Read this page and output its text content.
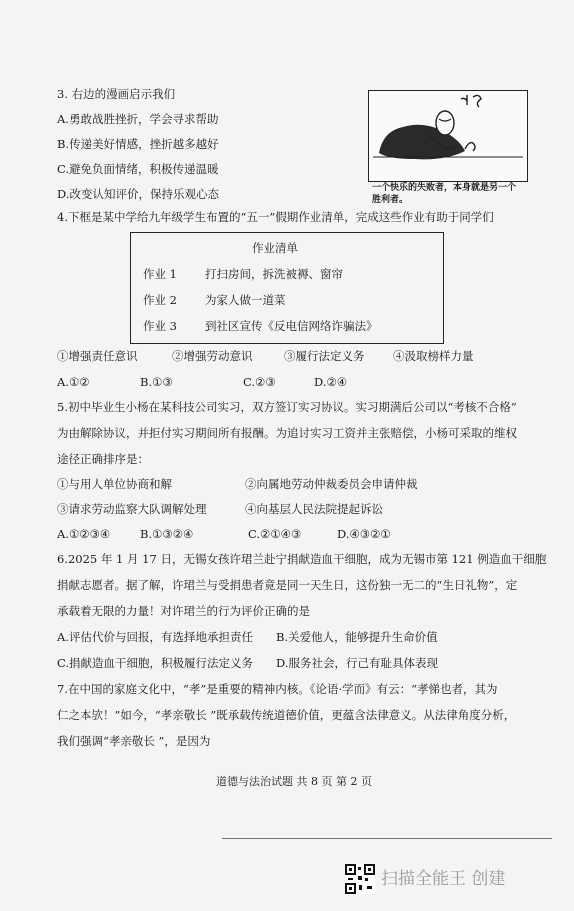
3. 右边的漫画启示我们
A.勇敢战胜挫折，学会寻求帮助
B.传递美好情感，挫折越多越好
C.避免负面情绪，积极传递温暖
D.改变认知评价，保持乐观心态	一个快乐的失败者，本身就是另一个胜利者。
4.下框是某中学给九年级学生布置的“五一”假期作业清单，完成这些作业有助于同学们
作业清单
作业 1 打扫房间，拆洗被褥、窗帘
作业 2 为家人做一道菜
作业 3 到社区宣传《反电信网络诈骗法》
①增强责任意识	②增强劳动意识	③履行法定义务 ④汲取榜样力量
A.①②	B.①③	C.②③	D.②④
5.初中毕业生小杨在某科技公司实习，双方签订实习协议。实习期满后公司以“考核不合格”
为由解除协议，并拒付实习期间所有报酬。为追讨实习工资并主张赔偿，小杨可采取的维权
途径正确排序是：
①与用人单位协商和解	②向属地劳动仲裁委员会申请仲裁
③请求劳动监察大队调解处理	④向基层人民法院提起诉讼
A.①②③④	B.①③②④	C.②①④③	D.④③②①
6.2025 年 1 月 17 日，无锡女孩许珺兰赴宁捐献造血干细胞，成为无锡市第 121 例造血干细胞
捐献志愿者。据了解，许珺兰与受捐患者竟是同一天生日，这份独一无二的“生日礼物”，定
承载着无限的力量！对许珺兰的行为评价正确的是
A.评估代价与回报，有选择地承担责任 B.关爱他人，能够提升生命价值
C.捐献造血干细胞，积极履行法定义务 D.服务社会，行己有耻具体表现
7.在中国的家庭文化中，“孝”是重要的精神内核。《论语·学而》有云：“孝悌也者，其为
仁之本欤！”如今，“孝亲敬长 ”既承载传统道德价值，更蕴含法律意义。从法律角度分析，
我们强调“孝亲敬长 ”，是因为
道德与法治试题 共 8 页 第 2 页
扫描全能王 创建
